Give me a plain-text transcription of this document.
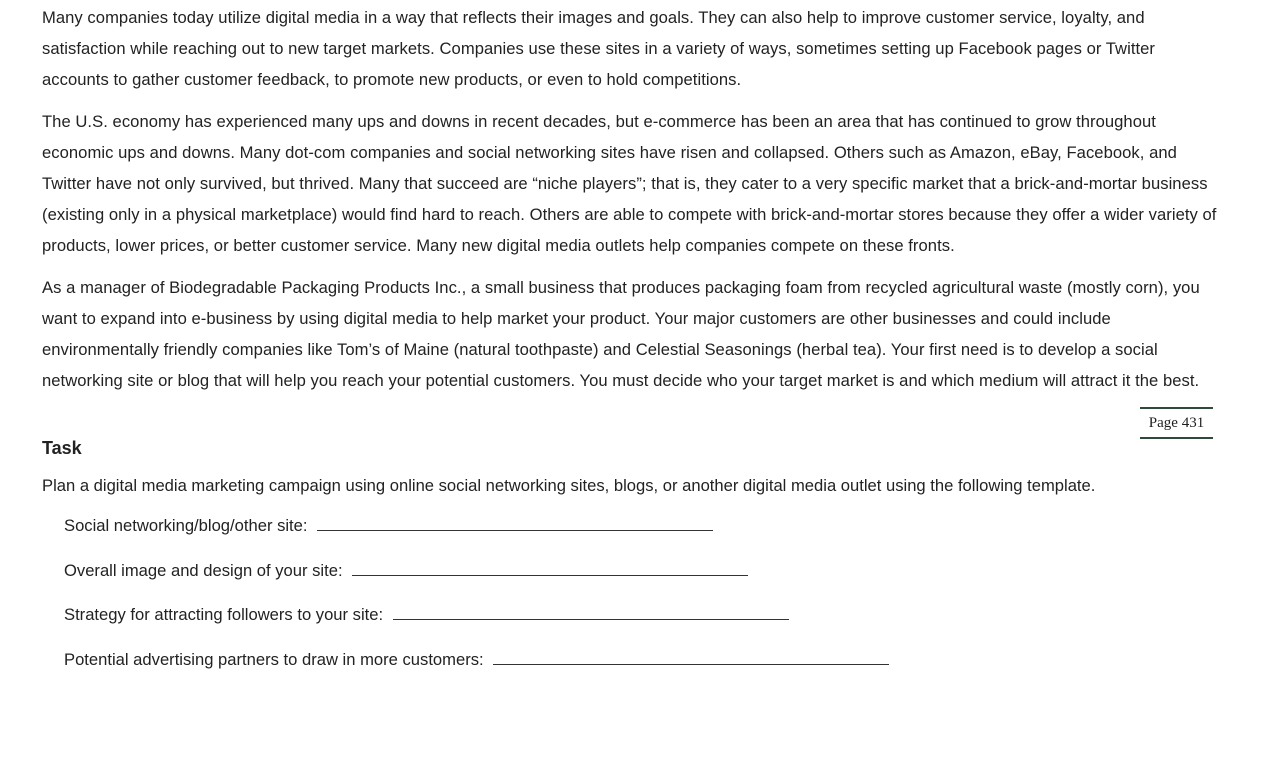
Many companies today utilize digital media in a way that reflects their images and goals. They can also help to improve customer service, loyalty, and satisfaction while reaching out to new target markets. Companies use these sites in a variety of ways, sometimes setting up Facebook pages or Twitter accounts to gather customer feedback, to promote new products, or even to hold competitions.

The U.S. economy has experienced many ups and downs in recent decades, but e-commerce has been an area that has continued to grow throughout economic ups and downs. Many dot-com companies and social networking sites have risen and collapsed. Others such as Amazon, eBay, Facebook, and Twitter have not only survived, but thrived. Many that succeed are “niche players”; that is, they cater to a very specific market that a brick-and-mortar business (existing only in a physical marketplace) would find hard to reach. Others are able to compete with brick-and-mortar stores because they offer a wider variety of products, lower prices, or better customer service. Many new digital media outlets help companies compete on these fronts.

As a manager of Biodegradable Packaging Products Inc., a small business that produces packaging foam from recycled agricultural waste (mostly corn), you want to expand into e-business by using digital media to help market your product. Your major customers are other businesses and could include environmentally friendly companies like Tom’s of Maine (natural toothpaste) and Celestial Seasonings (herbal tea). Your first need is to develop a social networking site or blog that will help you reach your potential customers. You must decide who your target market is and which medium will attract it the best.

Page 431
Task

Plan a digital media marketing campaign using online social networking sites, blogs, or another digital media outlet using the following template.

Social networking/blog/other site:
Overall image and design of your site:
Strategy for attracting followers to your site:
Potential advertising partners to draw in more customers:
